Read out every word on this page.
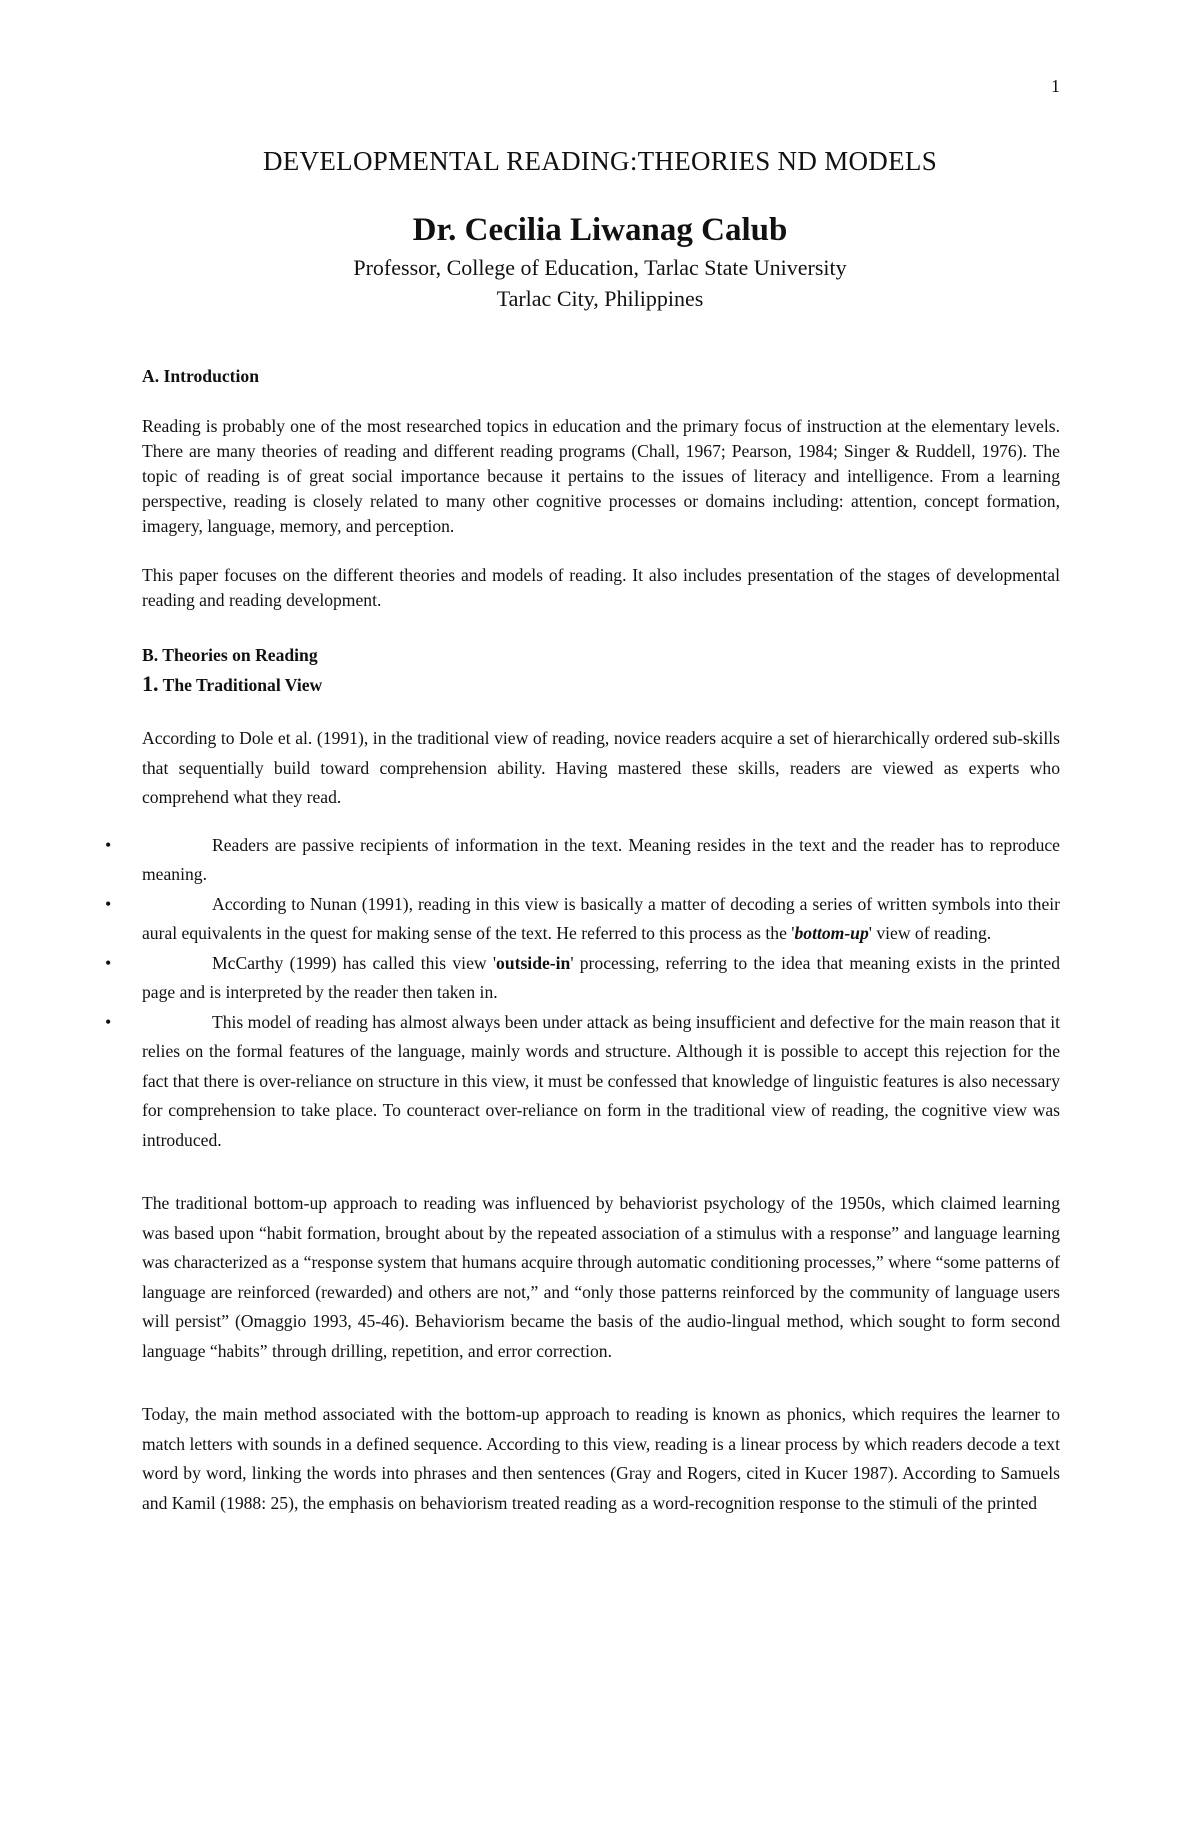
1
DEVELOPMENTAL READING:THEORIES ND MODELS
Dr. Cecilia Liwanag Calub
Professor, College of Education, Tarlac State University
Tarlac City, Philippines

A. Introduction

Reading is probably one of the most researched topics in education and the primary focus of instruction at the elementary levels. There are many theories of reading and different reading programs (Chall, 1967; Pearson, 1984; Singer & Ruddell, 1976). The topic of reading is of great social importance because it pertains to the issues of literacy and intelligence. From a learning perspective, reading is closely related to many other cognitive processes or domains including: attention, concept formation, imagery, language, memory, and perception.

This paper focuses on the different theories and models of reading. It also includes presentation of the stages of developmental reading and reading development.

B. Theories on Reading

1. The Traditional View

According to Dole et al. (1991), in the traditional view of reading, novice readers acquire a set of hierarchically ordered sub-skills that sequentially build toward comprehension ability. Having mastered these skills, readers are viewed as experts who comprehend what they read.

•	Readers are passive recipients of information in the text. Meaning resides in the text and the reader has to reproduce meaning.
•	According to Nunan (1991), reading in this view is basically a matter of decoding a series of written symbols into their aural equivalents in the quest for making sense of the text. He referred to this process as the 'bottom-up' view of reading.
•	McCarthy (1999) has called this view 'outside-in' processing, referring to the idea that meaning exists in the printed page and is interpreted by the reader then taken in.
•	This model of reading has almost always been under attack as being insufficient and defective for the main reason that it relies on the formal features of the language, mainly words and structure. Although it is possible to accept this rejection for the fact that there is over-reliance on structure in this view, it must be confessed that knowledge of linguistic features is also necessary for comprehension to take place. To counteract over-reliance on form in the traditional view of reading, the cognitive view was introduced.

The traditional bottom-up approach to reading was influenced by behaviorist psychology of the 1950s, which claimed learning was based upon “habit formation, brought about by the repeated association of a stimulus with a response” and language learning was characterized as a “response system that humans acquire through automatic conditioning processes,” where “some patterns of language are reinforced (rewarded) and others are not,” and “only those patterns reinforced by the community of language users will persist” (Omaggio 1993, 45-46). Behaviorism became the basis of the audio-lingual method, which sought to form second language “habits” through drilling, repetition, and error correction.

Today, the main method associated with the bottom-up approach to reading is known as phonics, which requires the learner to match letters with sounds in a defined sequence. According to this view, reading is a linear process by which readers decode a text word by word, linking the words into phrases and then sentences (Gray and Rogers, cited in Kucer 1987). According to Samuels and Kamil (1988: 25), the emphasis on behaviorism treated reading as a word-recognition response to the stimuli of the printed
